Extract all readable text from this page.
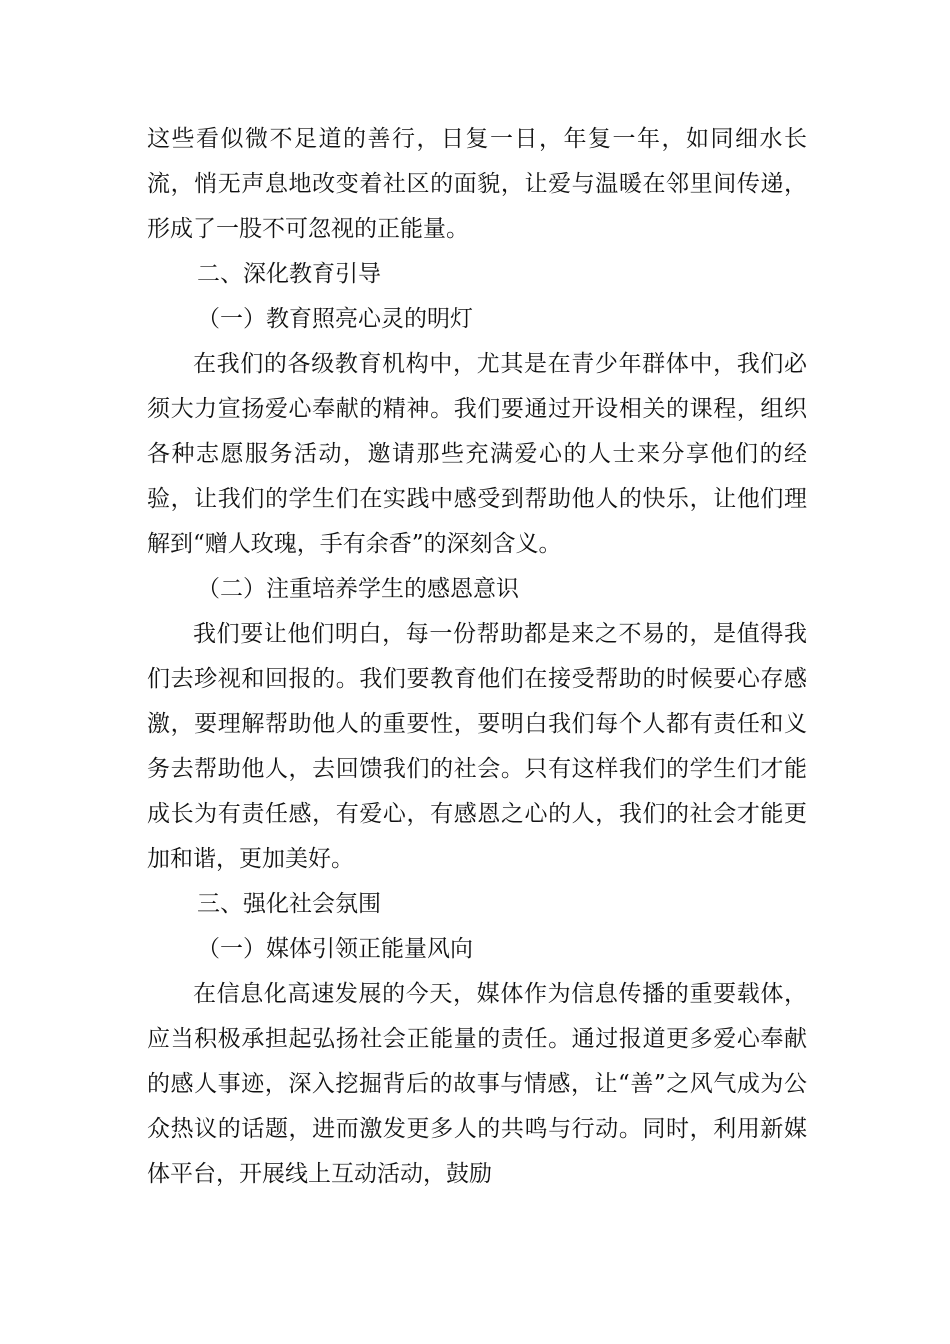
这些看似微不足道的善行，日复一日，年复一年，如同细水长流，悄无声息地改变着社区的面貌，让爱与温暖在邻里间传递，形成了一股不可忽视的正能量。

二、深化教育引导
（一）教育照亮心灵的明灯

在我们的各级教育机构中，尤其是在青少年群体中，我们必须大力宣扬爱心奉献的精神。我们要通过开设相关的课程，组织各种志愿服务活动，邀请那些充满爱心的人士来分享他们的经验，让我们的学生们在实践中感受到帮助他人的快乐，让他们理解到“赠人玫瑰，手有余香”的深刻含义。

（二）注重培养学生的感恩意识

我们要让他们明白，每一份帮助都是来之不易的，是值得我们去珍视和回报的。我们要教育他们在接受帮助的时候要心存感激，要理解帮助他人的重要性，要明白我们每个人都有责任和义务去帮助他人，去回馈我们的社会。只有这样我们的学生们才能成长为有责任感，有爱心，有感恩之心的人，我们的社会才能更加和谐，更加美好。

三、强化社会氛围
（一）媒体引领正能量风向

在信息化高速发展的今天，媒体作为信息传播的重要载体，应当积极承担起弘扬社会正能量的责任。通过报道更多爱心奉献的感人事迹，深入挖掘背后的故事与情感，让“善”之风气成为公众热议的话题，进而激发更多人的共鸣与行动。同时，利用新媒体平台，开展线上互动活动，鼓励
